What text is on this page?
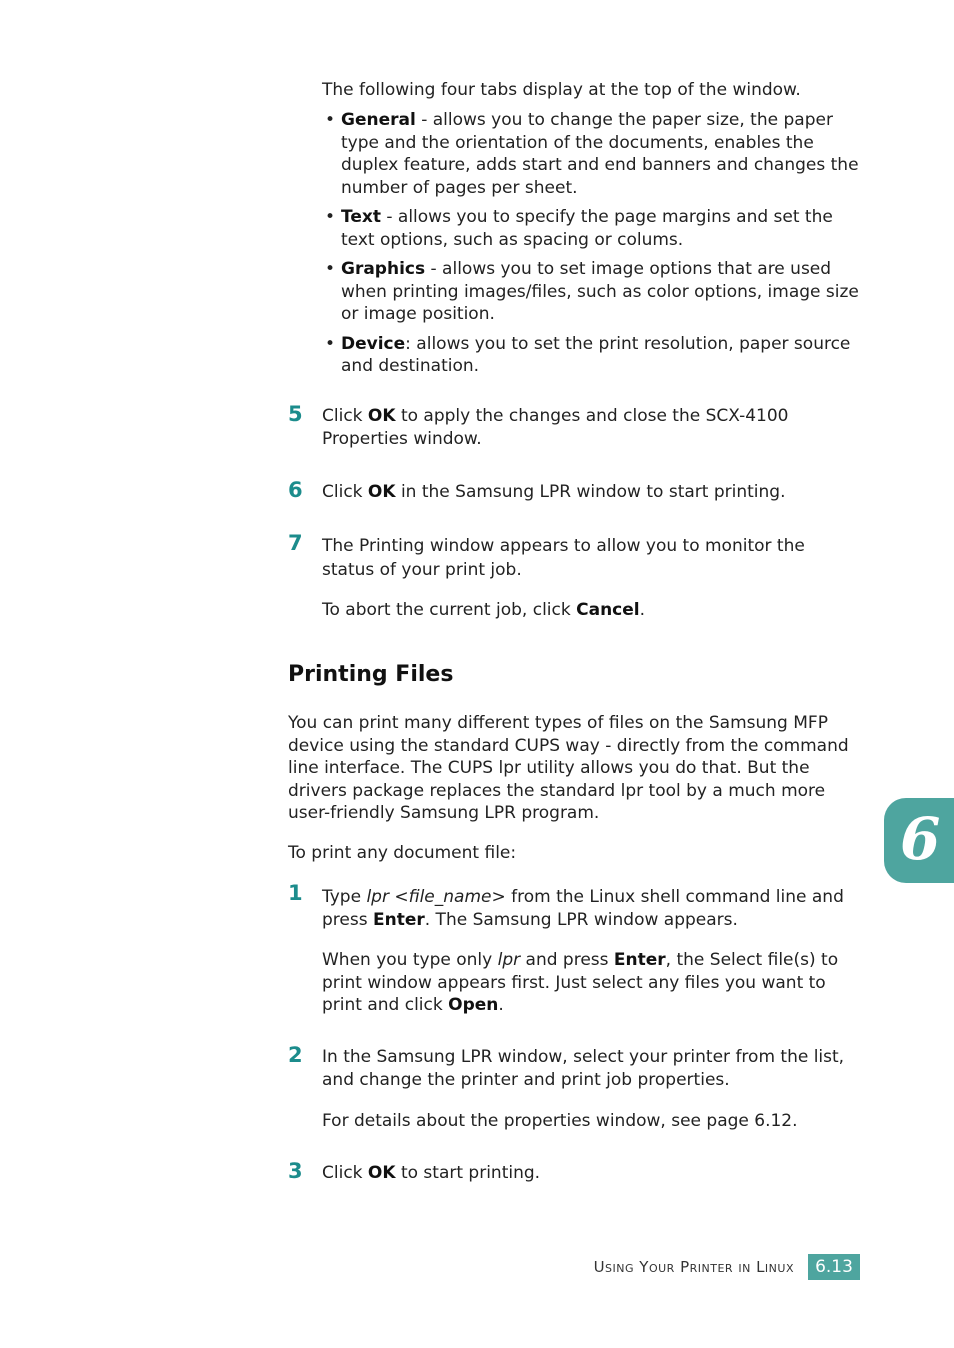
The following four tabs display at the top of the window.
• General - allows you to change the paper size, the paper type and the orientation of the documents, enables the duplex feature, adds start and end banners and changes the number of pages per sheet.
• Text - allows you to specify the page margins and set the text options, such as spacing or colums.
• Graphics - allows you to set image options that are used when printing images/files, such as color options, image size or image position.
• Device: allows you to set the print resolution, paper source and destination.
5 Click OK to apply the changes and close the SCX-4100 Properties window.
6 Click OK in the Samsung LPR window to start printing.
7 The Printing window appears to allow you to monitor the status of your print job.
To abort the current job, click Cancel.
Printing Files
You can print many different types of files on the Samsung MFP device using the standard CUPS way - directly from the command line interface. The CUPS lpr utility allows you do that. But the drivers package replaces the standard lpr tool by a much more user-friendly Samsung LPR program.
To print any document file:
1 Type lpr <file_name> from the Linux shell command line and press Enter. The Samsung LPR window appears.
When you type only lpr and press Enter, the Select file(s) to print window appears first. Just select any files you want to print and click Open.
2 In the Samsung LPR window, select your printer from the list, and change the printer and print job properties.
For details about the properties window, see page 6.12.
3 Click OK to start printing.
6
Using Your Printer in Linux	6.13
